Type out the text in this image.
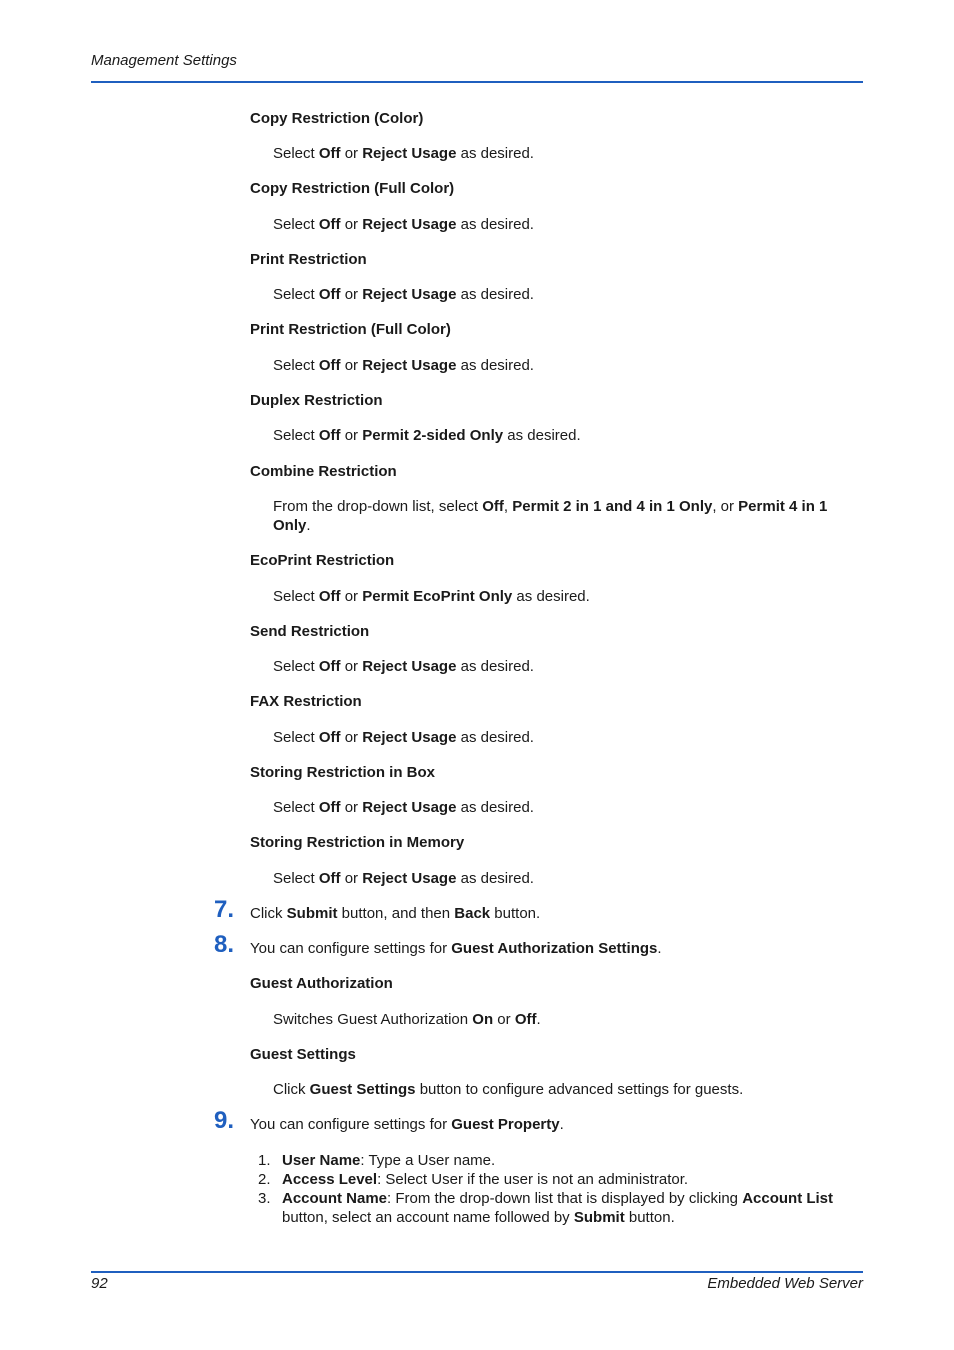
Management Settings
Copy Restriction (Color)
Select Off or Reject Usage as desired.
Copy Restriction (Full Color)
Select Off or Reject Usage as desired.
Print Restriction
Select Off or Reject Usage as desired.
Print Restriction (Full Color)
Select Off or Reject Usage as desired.
Duplex Restriction
Select Off or Permit 2-sided Only as desired.
Combine Restriction
From the drop-down list, select Off, Permit 2 in 1 and 4 in 1 Only, or Permit 4 in 1 Only.
EcoPrint Restriction
Select Off or Permit EcoPrint Only as desired.
Send Restriction
Select Off or Reject Usage as desired.
FAX Restriction
Select Off or Reject Usage as desired.
Storing Restriction in Box
Select Off or Reject Usage as desired.
Storing Restriction in Memory
Select Off or Reject Usage as desired.
7. Click Submit button, and then Back button.
8. You can configure settings for Guest Authorization Settings.
Guest Authorization
Switches Guest Authorization On or Off.
Guest Settings
Click Guest Settings button to configure advanced settings for guests.
9. You can configure settings for Guest Property.
1. User Name: Type a User name.
2. Access Level: Select User if the user is not an administrator.
3. Account Name: From the drop-down list that is displayed by clicking Account List button, select an account name followed by Submit button.
92	Embedded Web Server
